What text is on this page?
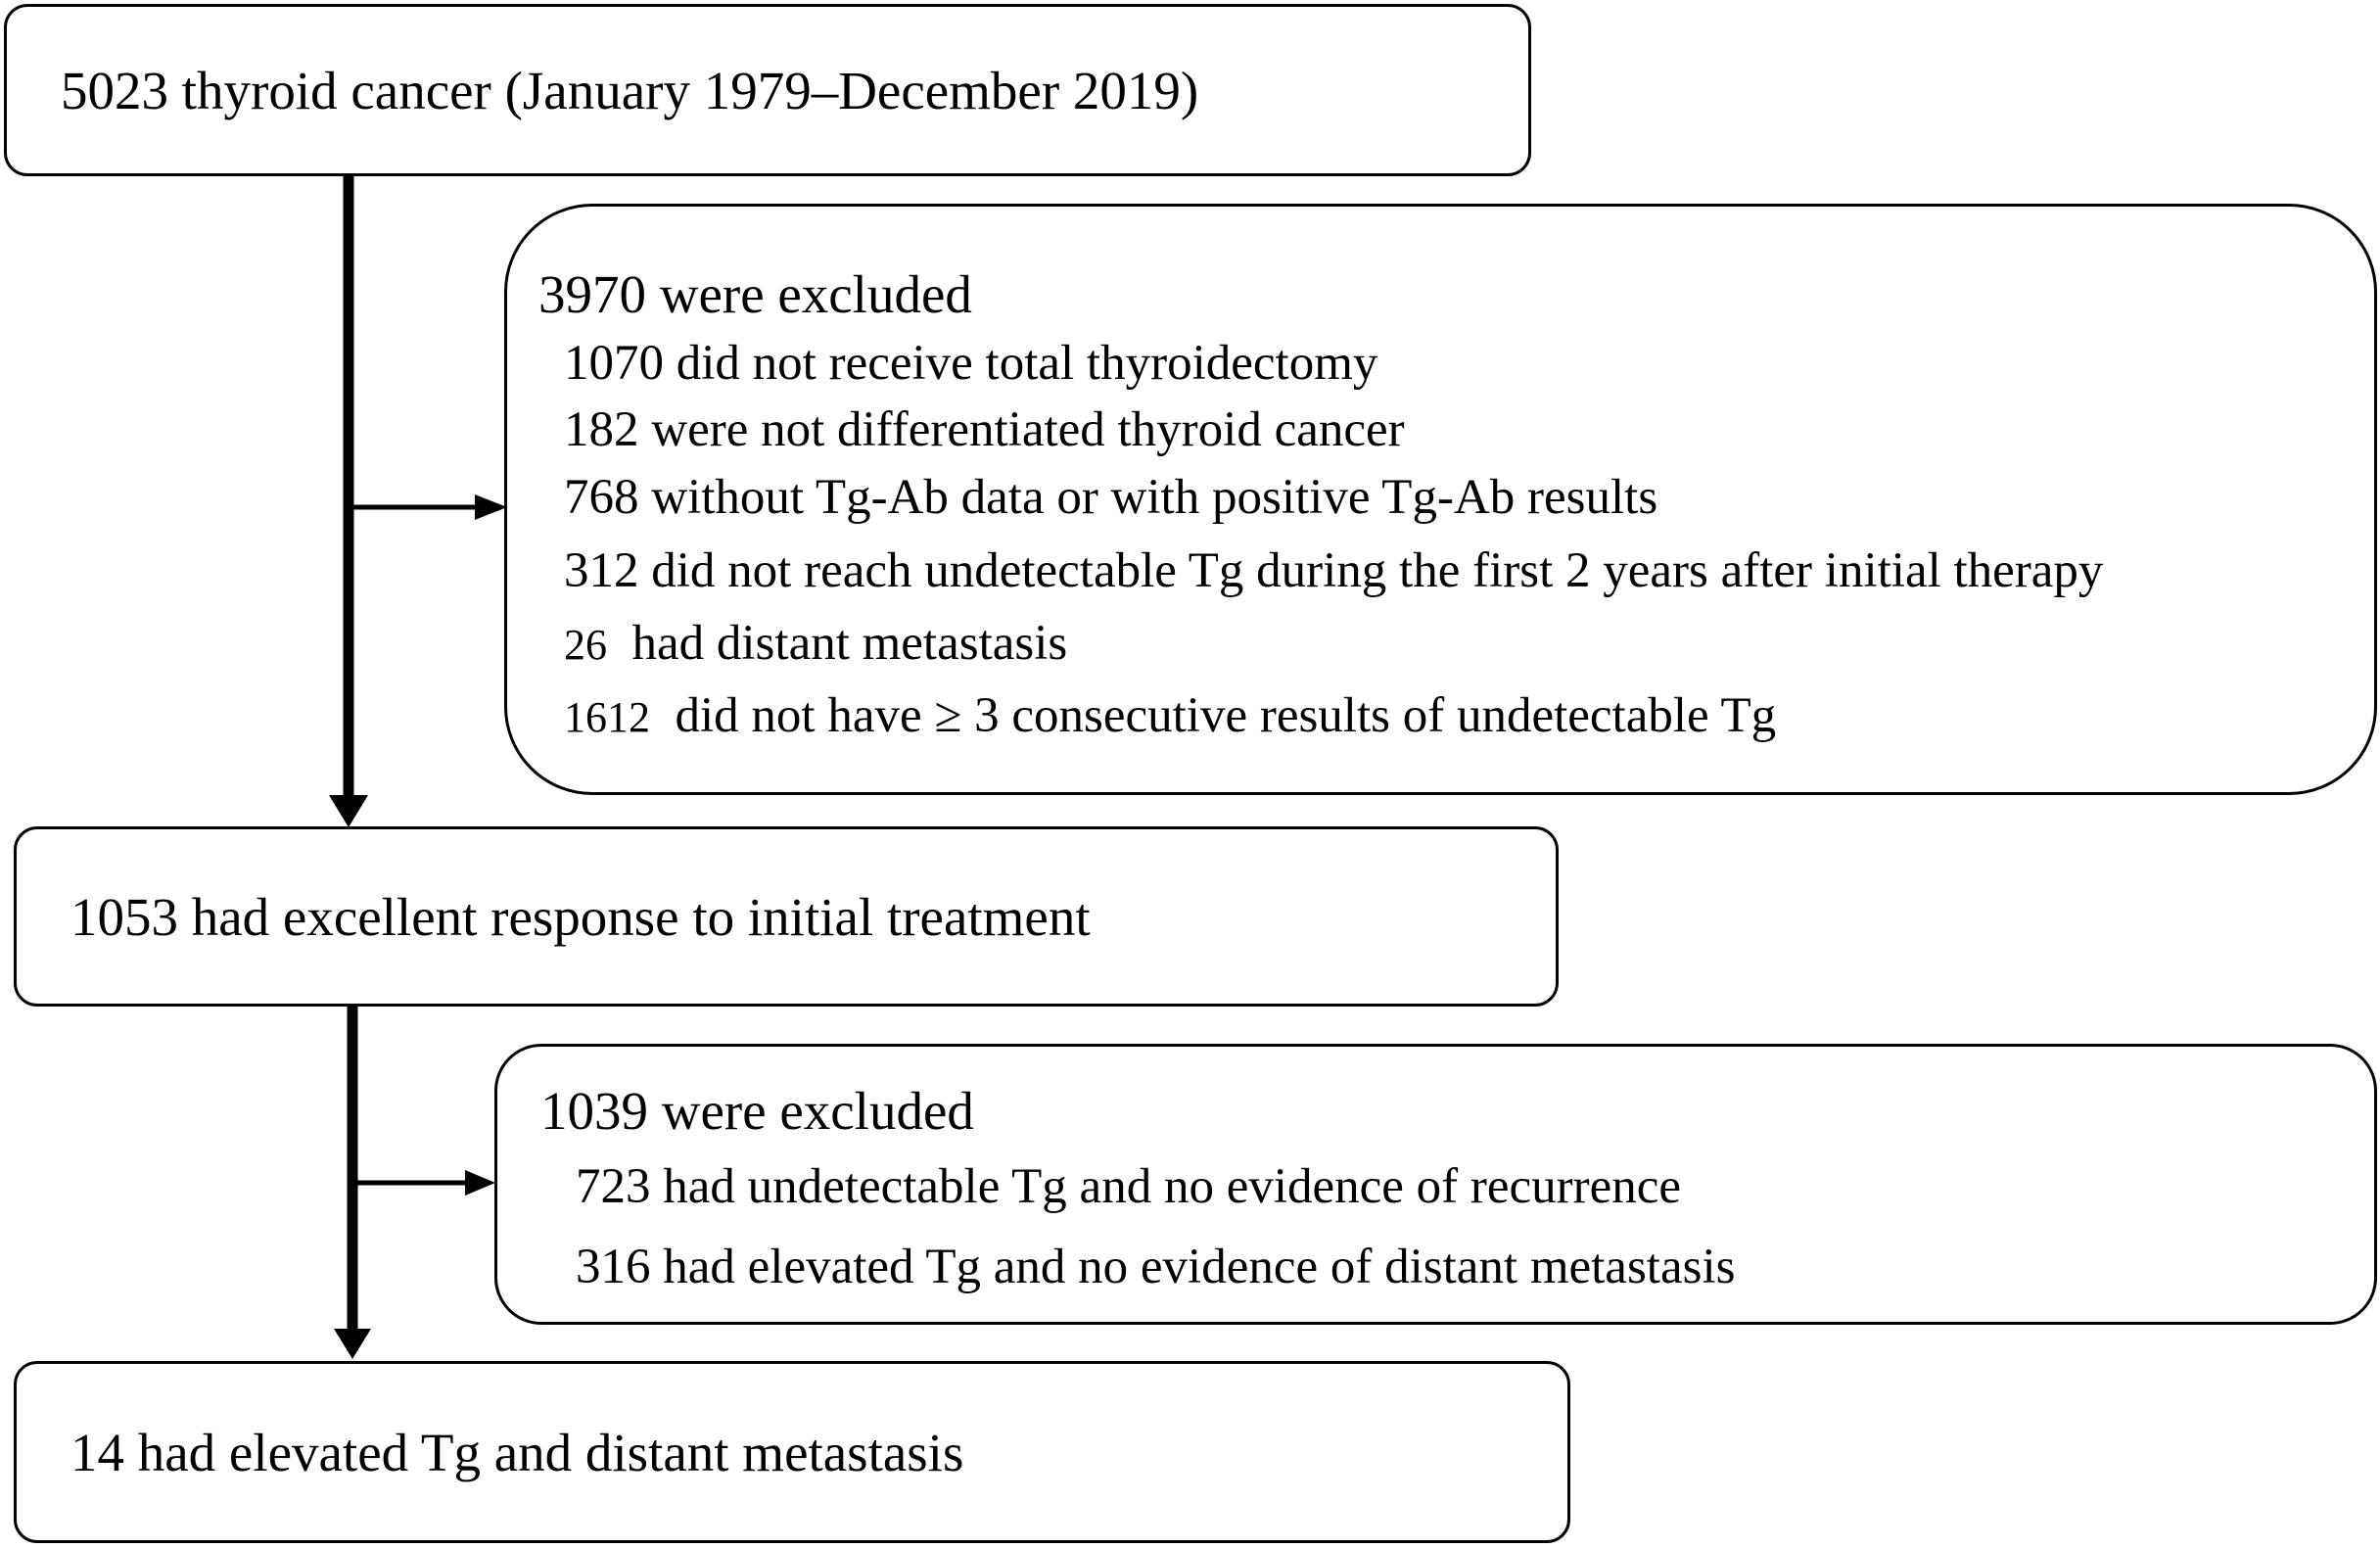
5023 thyroid cancer (January 1979–December 2019)
3970 were excluded
1070 did not receive total thyroidectomy
182 were not differentiated thyroid cancer
768 without Tg-Ab data or with positive Tg-Ab results
312 did not reach undetectable Tg during the first 2 years after initial therapy
26 had distant metastasis
1612 did not have ≥ 3 consecutive results of undetectable Tg
1053 had excellent response to initial treatment
1039 were excluded
723 had undetectable Tg and no evidence of recurrence
316 had elevated Tg and no evidence of distant metastasis
14 had elevated Tg and distant metastasis
